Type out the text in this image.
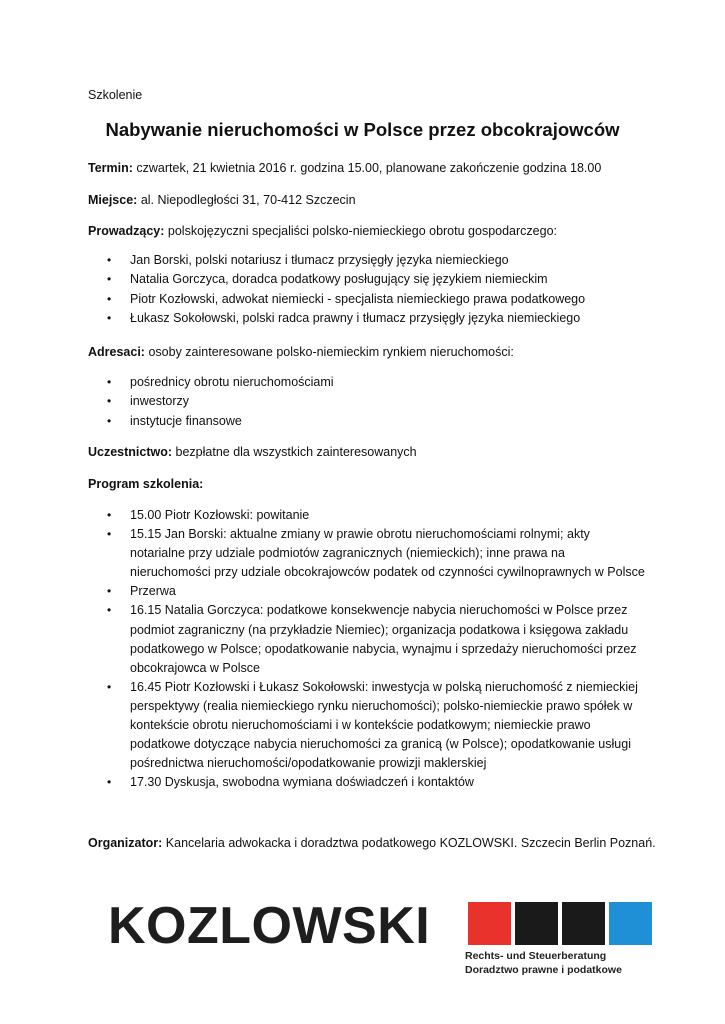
Szkolenie
Nabywanie nieruchomości w Polsce przez obcokrajowców
Termin: czwartek, 21 kwietnia 2016 r. godzina 15.00, planowane zakończenie godzina 18.00
Miejsce: al. Niepodległości 31, 70-412 Szczecin
Prowadzący: polskojęzyczni specjaliści polsko-niemieckiego obrotu gospodarczego:
• Jan Borski, polski notariusz i tłumacz przysięgły języka niemieckiego
• Natalia Gorczyca, doradca podatkowy posługujący się językiem niemieckim
• Piotr Kozłowski, adwokat niemiecki - specjalista niemieckiego prawa podatkowego
• Łukasz Sokołowski, polski radca prawny i tłumacz przysięgły języka niemieckiego
Adresaci: osoby zainteresowane polsko-niemieckim rynkiem nieruchomości:
• pośrednicy obrotu nieruchomościami
• inwestorzy
• instytucje finansowe
Uczestnictwo: bezpłatne dla wszystkich zainteresowanych
Program szkolenia:
• 15.00 Piotr Kozłowski: powitanie
• 15.15 Jan Borski: aktualne zmiany w prawie obrotu nieruchomościami rolnymi; akty
notarialne przy udziale podmiotów zagranicznych (niemieckich); inne prawa na
nieruchomości przy udziale obcokrajowców podatek od czynności cywilnoprawnych w Polsce
• Przerwa
• 16.15 Natalia Gorczyca: podatkowe konsekwencje nabycia nieruchomości w Polsce przez
podmiot zagraniczny (na przykładzie Niemiec); organizacja podatkowa i księgowa zakładu
podatkowego w Polsce; opodatkowanie nabycia, wynajmu i sprzedaży nieruchomości przez
obcokrajowca w Polsce
• 16.45 Piotr Kozłowski i Łukasz Sokołowski: inwestycja w polską nieruchomość z niemieckiej
perspektywy (realia niemieckiego rynku nieruchomości); polsko-niemieckie prawo spółek w
kontekście obrotu nieruchomościami i w kontekście podatkowym; niemieckie prawo
podatkowe dotyczące nabycia nieruchomości za granicą (w Polsce); opodatkowanie usługi
pośrednictwa nieruchomości/opodatkowanie prowizji maklerskiej
• 17.30 Dyskusja, swobodna wymiana doświadczeń i kontaktów
Organizator: Kancelaria adwokacka i doradztwa podatkowego KOZLOWSKI. Szczecin Berlin Poznań.
KOZLOWSKI
Rechts- und Steuerberatung
Doradztwo prawne i podatkowe
